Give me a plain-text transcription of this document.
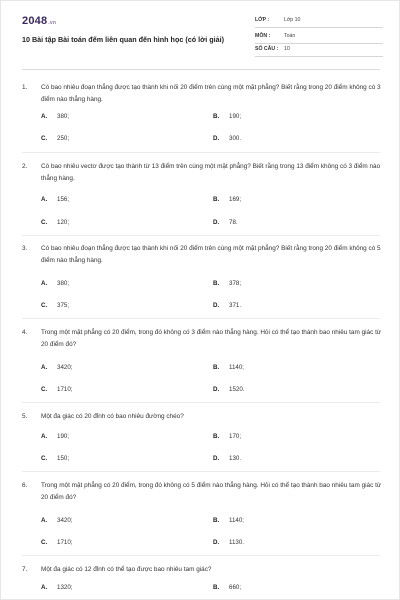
2048.vn
10 Bài tập Bài toán đếm liên quan đến hình học (có lời giải)
LỚP :	Lớp 10
MÔN :	Toán
SỐ CÂU : 10
1. Có bao nhiêu đoạn thẳng được tạo thành khi nối 20 điểm trên cùng một mặt phẳng? Biết rằng trong 20 điểm không có 3 điểm nào thẳng hàng.
A. 380;	B. 190;
C. 250;	D. 300.
2. Có bao nhiêu vectơ được tạo thành từ 13 điểm trên cùng một mặt phẳng? Biết rằng trong 13 điểm không có 3 điểm nào thẳng hàng.
A. 156;	B. 169;
C. 120;	D. 78.
3. Có bao nhiêu đoạn thẳng được tạo thành khi nối 20 điểm trên cùng một mặt phẳng? Biết rằng trong 20 điểm không có 5 điểm nào thẳng hàng.
A. 380;	B. 378;
C. 375;	D. 371.
4. Trong một mặt phẳng có 20 điểm, trong đó không có 3 điểm nào thẳng hàng. Hỏi có thể tạo thành bao nhiêu tam giác từ 20 điểm đó?
A. 3420;	B. 1140;
C. 1710;	D. 1520.
5. Một đa giác có 20 đỉnh có bao nhiêu đường chéo?
A. 190;	B. 170;
C. 150;	D. 130.
6. Trong một mặt phẳng có 20 điểm, trong đó không có 5 điểm nào thẳng hàng. Hỏi có thể tạo thành bao nhiêu tam giác từ 20 điểm đó?
A. 3420;	B. 1140;
C. 1710;	D. 1130.
7. Một đa giác có 12 đỉnh có thể tạo được bao nhiêu tam giác?
A. 1320;	B. 660;
